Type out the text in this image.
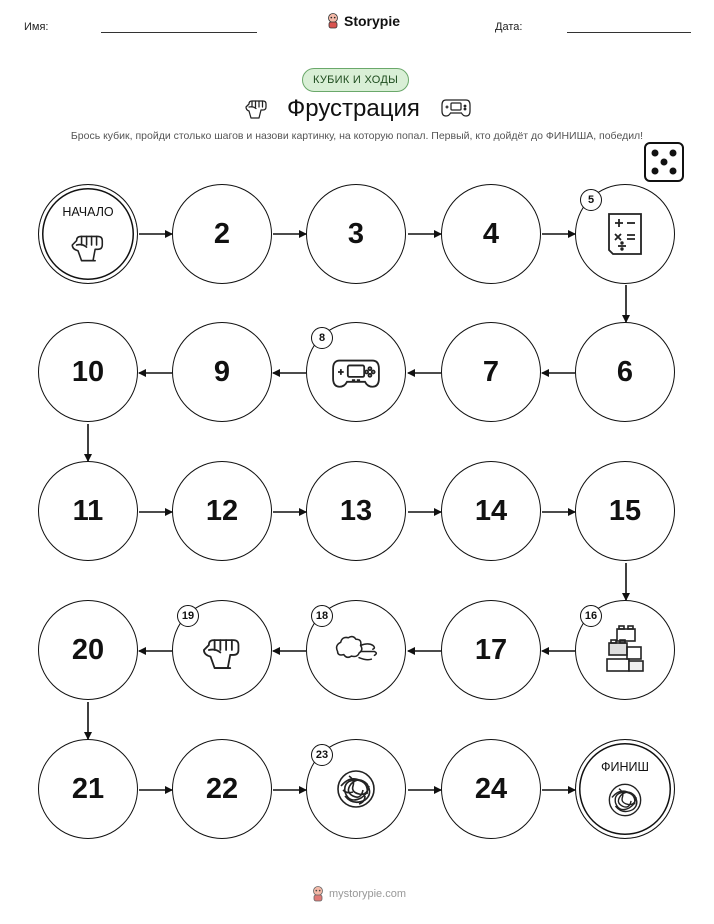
Имя:	Storypie	Дата:
КУБИК И ХОДЫ
Фрустрация
Брось кубик, пройди столько шагов и назови картинку, на которую попал. Первый, кто дойдёт до ФИНИША, победил!
НАЧАЛО
2	3	4
5
10	9
8
7	6
11	12	13	14	15
20
19	18
17
16
21	22
23
24
ФИНИШ
mystorypie.com
